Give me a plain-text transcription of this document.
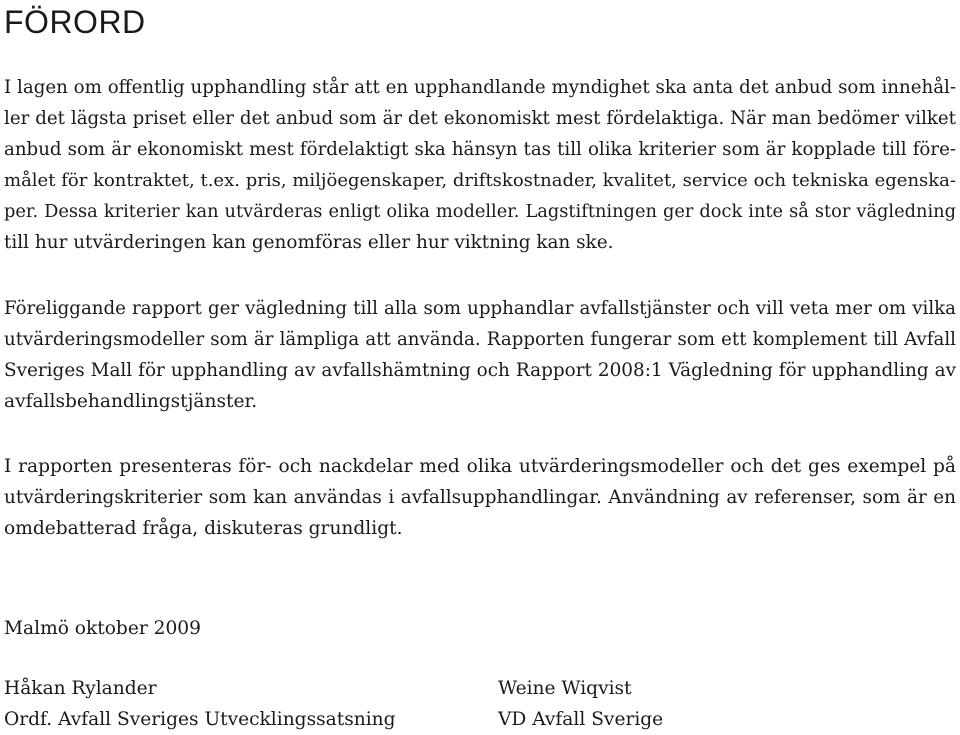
FÖRORD

I lagen om offentlig upphandling står att en upphandlande myndighet ska anta det anbud som innehål-
ler det lägsta priset eller det anbud som är det ekonomiskt mest fördelaktiga. När man bedömer vilket
anbud som är ekonomiskt mest fördelaktigt ska hänsyn tas till olika kriterier som är kopplade till före-
målet för kontraktet, t.ex. pris, miljöegenskaper, driftskostnader, kvalitet, service och tekniska egenska-
per. Dessa kriterier kan utvärderas enligt olika modeller. Lagstiftningen ger dock inte så stor vägledning
till hur utvärderingen kan genomföras eller hur viktning kan ske.

Föreliggande rapport ger vägledning till alla som upphandlar avfallstjänster och vill veta mer om vilka
utvärderingsmodeller som är lämpliga att använda. Rapporten fungerar som ett komplement till Avfall
Sveriges Mall för upphandling av avfallshämtning och Rapport 2008:1 Vägledning för upphandling av
avfallsbehandlingstjänster.

I rapporten presenteras för- och nackdelar med olika utvärderingsmodeller och det ges exempel på
utvärderingskriterier som kan användas i avfallsupphandlingar. Användning av referenser, som är en
omdebatterad fråga, diskuteras grundligt.

Malmö oktober 2009

Håkan Rylander
Ordf. Avfall Sveriges Utvecklingssatsning
Weine Wiqvist
VD Avfall Sverige
